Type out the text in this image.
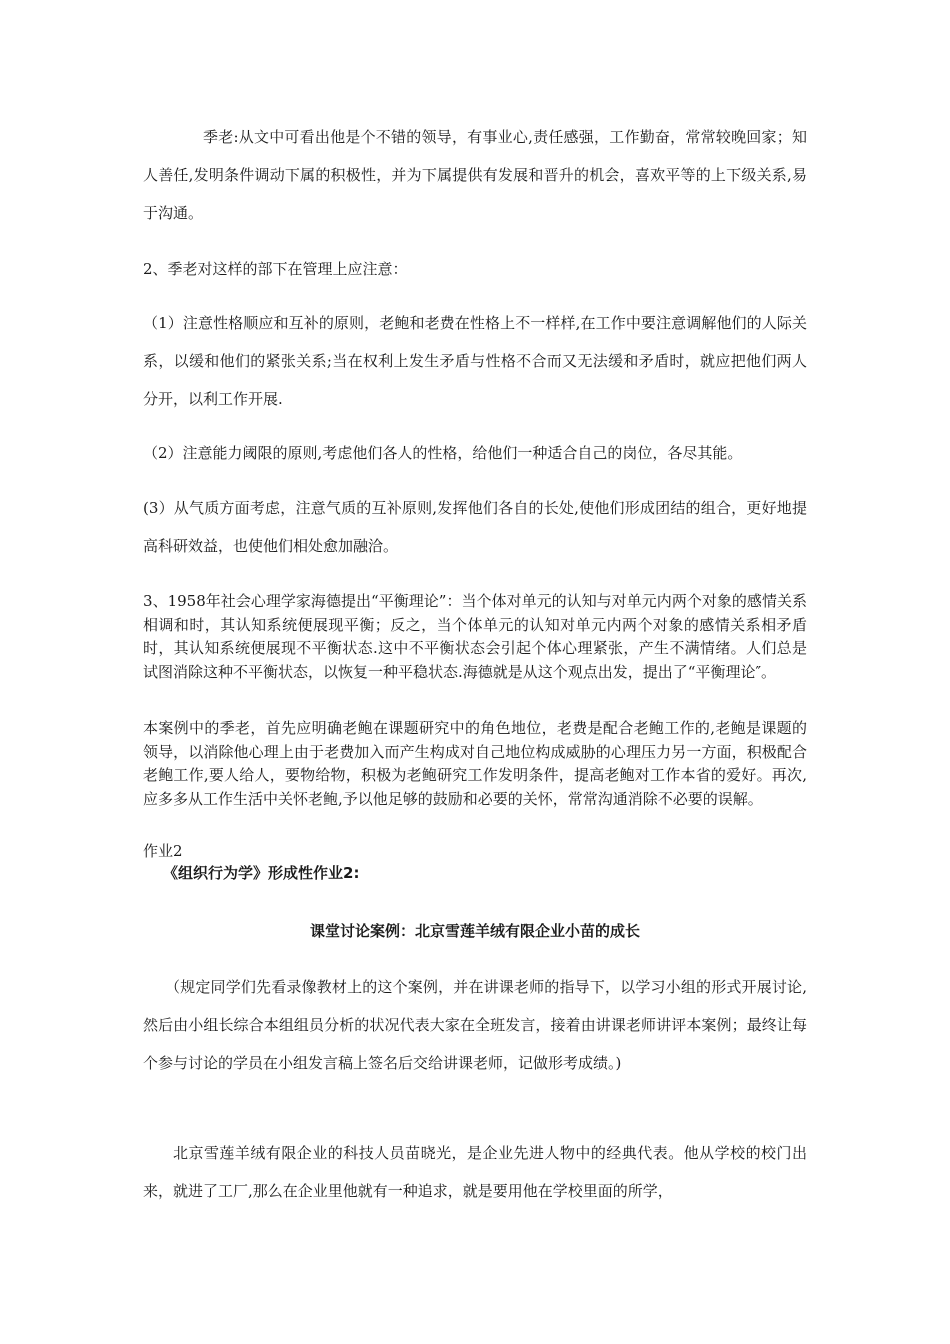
季老:从文中可看出他是个不错的领导，有事业心,责任感强，工作勤奋，常常较晚回家；知人善任,发明条件调动下属的积极性，并为下属提供有发展和晋升的机会，喜欢平等的上下级关系,易于沟通。
2、季老对这样的部下在管理上应注意：
（1）注意性格顺应和互补的原则，老鲍和老费在性格上不一样样,在工作中要注意调解他们的人际关系，以缓和他们的紧张关系;当在权利上发生矛盾与性格不合而又无法缓和矛盾时，就应把他们两人分开，以利工作开展.
（2）注意能力阈限的原则,考虑他们各人的性格，给他们一种适合自己的岗位，各尽其能。
(3）从气质方面考虑，注意气质的互补原则,发挥他们各自的长处,使他们形成团结的组合，更好地提高科研效益，也使他们相处愈加融洽。
3、1958年社会心理学家海德提出“平衡理论”：当个体对单元的认知与对单元内两个对象的感情关系相调和时，其认知系统便展现平衡；反之，当个体单元的认知对单元内两个对象的感情关系相矛盾时，其认知系统便展现不平衡状态.这中不平衡状态会引起个体心理紧张，产生不满情绪。人们总是试图消除这种不平衡状态，以恢复一种平稳状态.海德就是从这个观点出发，提出了“平衡理论″。
本案例中的季老，首先应明确老鲍在课题研究中的角色地位，老费是配合老鲍工作的,老鲍是课题的领导，以消除他心理上由于老费加入而产生构成对自己地位构成威胁的心理压力另一方面，积极配合老鲍工作,要人给人，要物给物，积极为老鲍研究工作发明条件，提高老鲍对工作本省的爱好。再次,应多多从工作生活中关怀老鲍,予以他足够的鼓励和必要的关怀，常常沟通消除不必要的误解。
作业2
《组织行为学》形成性作业2:
课堂讨论案例：北京雪莲羊绒有限企业小苗的成长
（规定同学们先看录像教材上的这个案例，并在讲课老师的指导下，以学习小组的形式开展讨论,然后由小组长综合本组组员分析的状况代表大家在全班发言，接着由讲课老师讲评本案例；最终让每个参与讨论的学员在小组发言稿上签名后交给讲课老师，记做形考成绩。)
北京雪莲羊绒有限企业的科技人员苗晓光，是企业先进人物中的经典代表。他从学校的校门出来，就进了工厂,那么在企业里他就有一种追求，就是要用他在学校里面的所学，
